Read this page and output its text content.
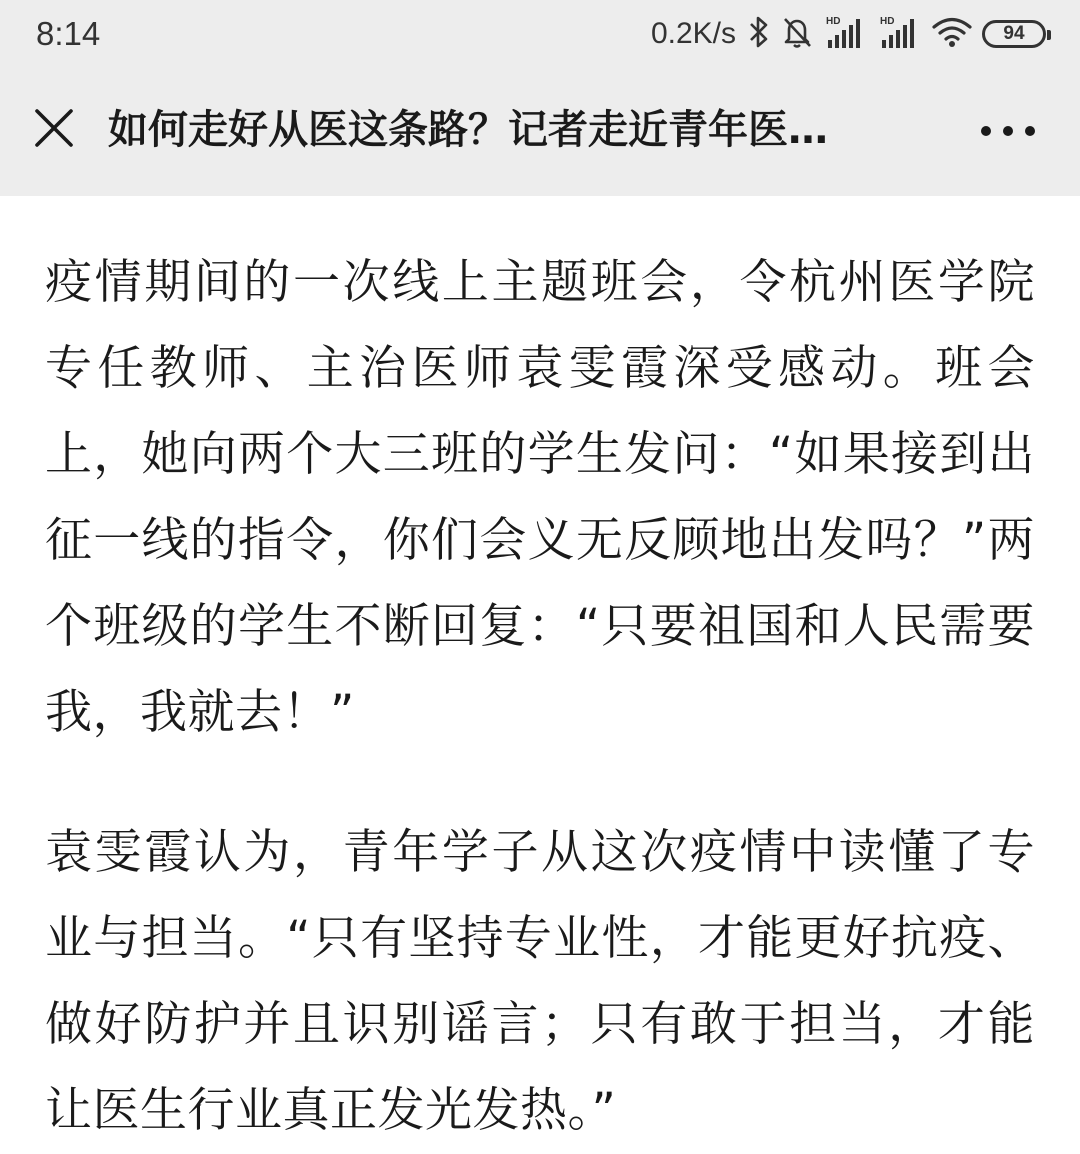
8:14	0.2K/s	HD	HD
94
如何走好从医这条路？记者走近青年医…

疫情期间的一次线上主题班会，令杭州医学院专任教师、主治医师袁雯霞深受感动。班会上，她向两个大三班的学生发问：“如果接到出征一线的指令，你们会义无反顾地出发吗？”两个班级的学生不断回复：“只要祖国和人民需要我，我就去！”

袁雯霞认为，青年学子从这次疫情中读懂了专业与担当。“只有坚持专业性，才能更好抗疫、做好防护并且识别谣言；只有敢于担当，才能让医生行业真正发光发热。”
